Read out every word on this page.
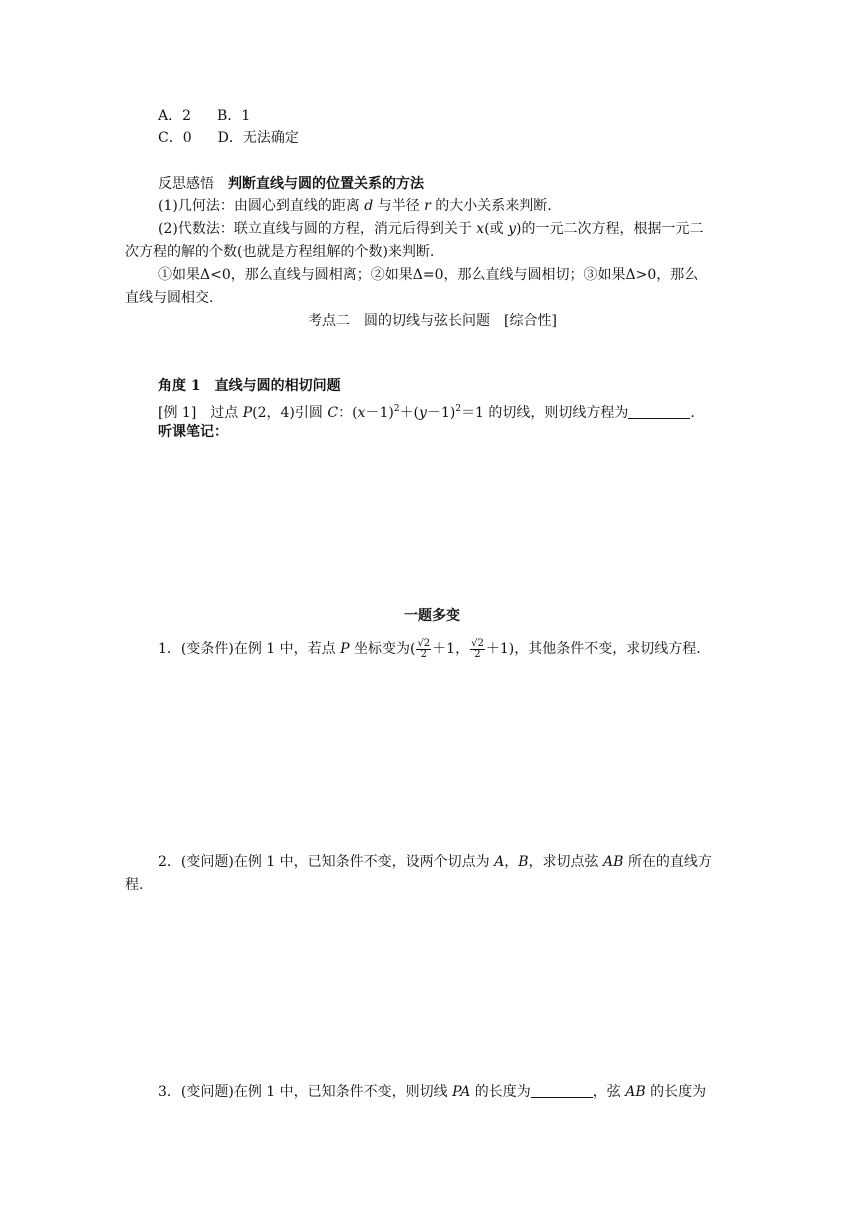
A．2 B．1
C．0 D．无法确定
反思感悟　 判断直线与圆的位置关系的方法
(1)几何法：由圆心到直线的距离 d 与半径 r 的大小关系来判断.
(2)代数法：联立直线与圆的方程，消元后得到关于 x(或 y)的一元二次方程，根据一元二
次方程的解的个数(也就是方程组解的个数)来判断.
①如果Δ<0，那么直线与圆相离；②如果Δ=0，那么直线与圆相切；③如果Δ>0，那么
直线与圆相交.
考点二　圆的切线与弦长问题　[综合性]
角度 1　直线与圆的相切问题
[例 1]　过点 P(2，4)引圆 C：$(x-1)^2+(y-1)^2=1$ 的切线，则切线方程为	.
听课笔记：
一题多变
1．(变条件)在例 1 中，若点 P 坐标变为( $\frac{√2}{2} +1$， $\frac{√2}{2} +1$)，其他条件不变，求切线方程.
2．(变问题)在例 1 中，已知条件不变，设两个切点为 A，B，求切点弦 AB 所在的直线方
程.
3．(变问题)在例 1 中，已知条件不变，则切线 PA 的长度为	，弦 AB 的长度为
